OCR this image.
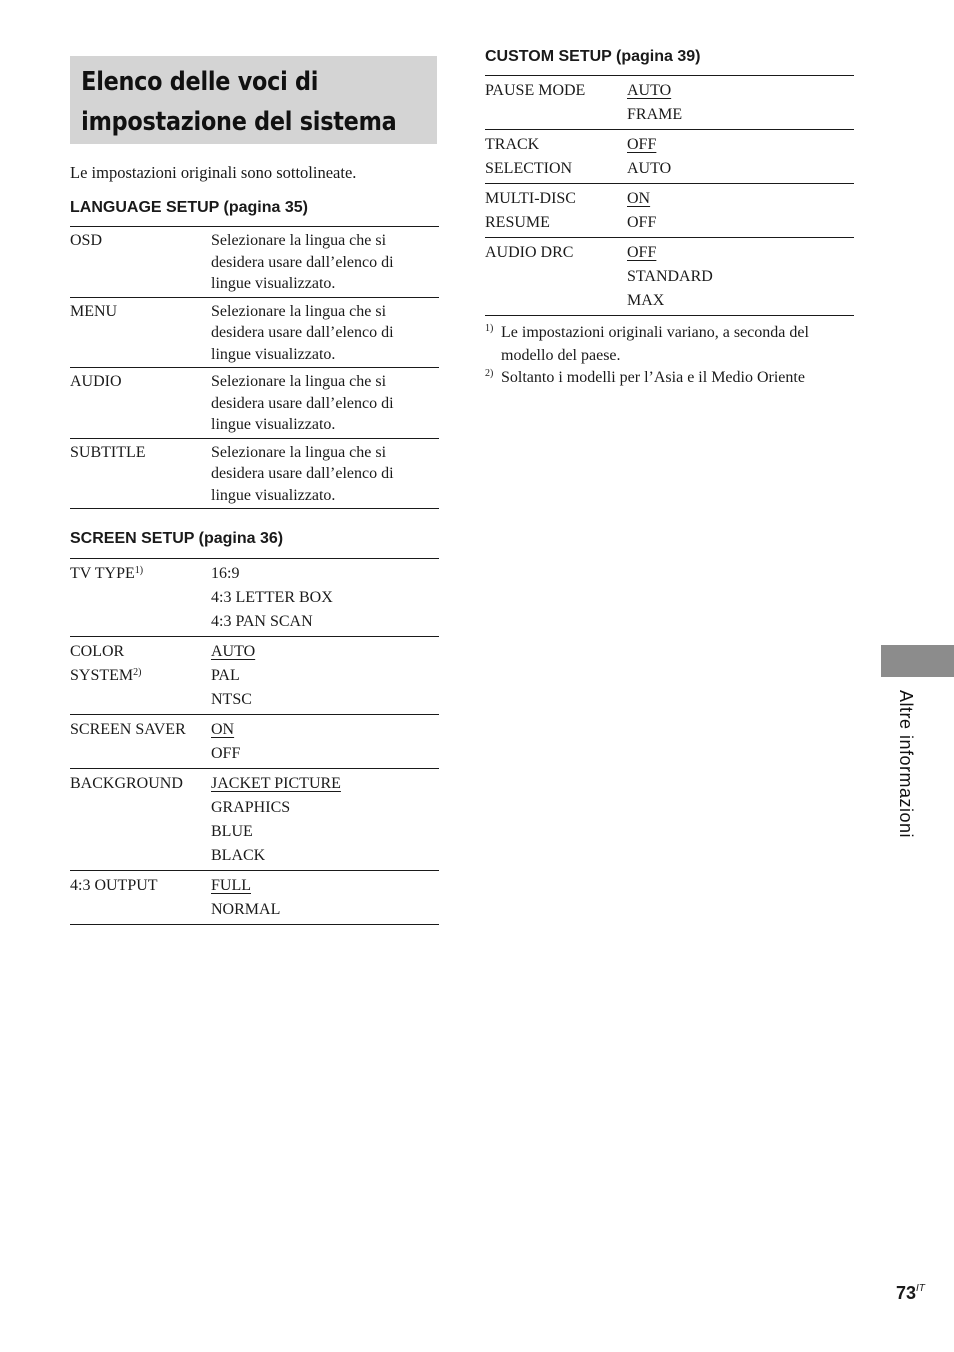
Elenco delle voci di
impostazione del sistema
Le impostazioni originali sono sottolineate.
LANGUAGE SETUP (pagina 35)
OSD	Selezionare la lingua che si
desidera usare dall’elenco di
lingue visualizzato.

MENU	Selezionare la lingua che si
desidera usare dall’elenco di
lingue visualizzato.

AUDIO	Selezionare la lingua che si
desidera usare dall’elenco di
lingue visualizzato.

SUBTITLE	Selezionare la lingua che si
desidera usare dall’elenco di
lingue visualizzato.
SCREEN SETUP (pagina 36)
TV TYPE$^{1)}$	16:9
4:3 LETTER BOX
4:3 PAN SCAN

COLOR
SYSTEM$^{2)}$	AUTO
PAL
NTSC

SCREEN SAVER	ON
OFF

BACKGROUND	JACKET PICTURE
GRAPHICS
BLUE
BLACK

4:3 OUTPUT	FULL
NORMAL
CUSTOM SETUP (pagina 39)
PAUSE MODE	AUTO
FRAME

TRACK
SELECTION	OFF
AUTO

MULTI-DISC
RESUME	ON
OFF

AUDIO DRC	OFF
STANDARD
MAX
1) Le impostazioni originali variano, a seconda del modello del paese.
2) Soltanto i modelli per l’Asia e il Medio Oriente
Altre informazioni
$73^{IT}$
